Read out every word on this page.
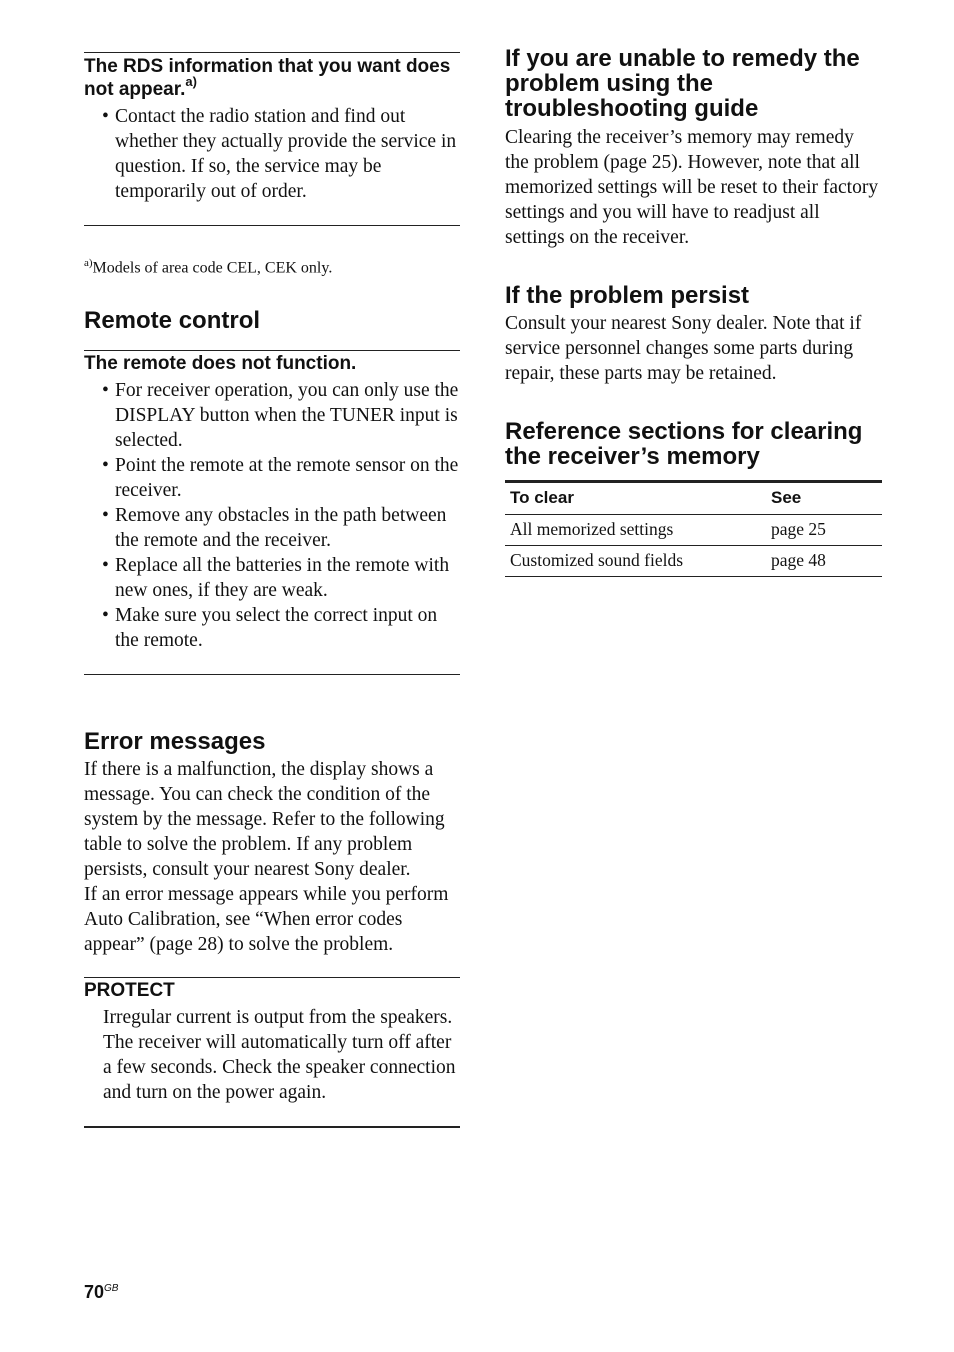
The RDS information that you want does not appear.$^{a)}$
• Contact the radio station and find out whether they actually provide the service in question. If so, the service may be temporarily out of order.
$^{a)}$Models of area code CEL, CEK only.
Remote control
The remote does not function.
• For receiver operation, you can only use the DISPLAY button when the TUNER input is selected.
• Point the remote at the remote sensor on the receiver.
• Remove any obstacles in the path between the remote and the receiver.
• Replace all the batteries in the remote with new ones, if they are weak.
• Make sure you select the correct input on the remote.
Error messages
If there is a malfunction, the display shows a message. You can check the condition of the system by the message. Refer to the following table to solve the problem. If any problem persists, consult your nearest Sony dealer.
If an error message appears while you perform Auto Calibration, see “When error codes appear” (page 28) to solve the problem.
PROTECT
Irregular current is output from the speakers. The receiver will automatically turn off after a few seconds. Check the speaker connection and turn on the power again.
If you are unable to remedy the problem using the troubleshooting guide
Clearing the receiver’s memory may remedy the problem (page 25). However, note that all memorized settings will be reset to their factory settings and you will have to readjust all settings on the receiver.
If the problem persist
Consult your nearest Sony dealer. Note that if service personnel changes some parts during repair, these parts may be retained.
Reference sections for clearing the receiver’s memory
To clear	See
All memorized settings	page 25
Customized sound fields	page 48
$70^{GB}$
